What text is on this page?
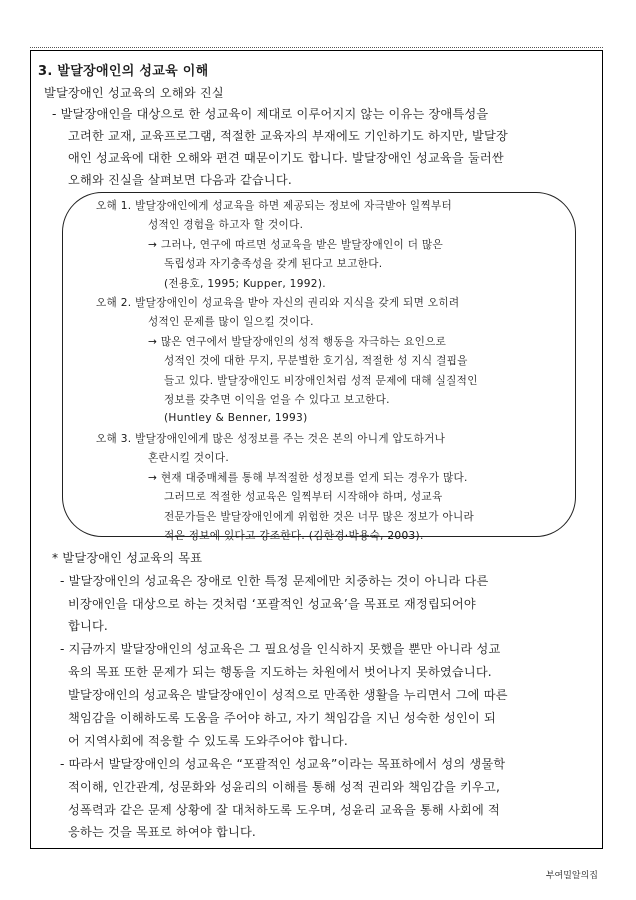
3. 발달장애인의 성교육 이해
발달장애인 성교육의 오해와 진실
- 발달장애인을 대상으로 한 성교육이 제대로 이루어지지 않는 이유는 장애특성을
고려한 교재, 교육프로그램, 적절한 교육자의 부재에도 기인하기도 하지만, 발달장
애인 성교육에 대한 오해와 편견 때문이기도 합니다. 발달장애인 성교육을 둘러싼
오해와 진실을 살펴보면 다음과 같습니다.
오해 1. 발달장애인에게 성교육을 하면 제공되는 정보에 자극받아 일찍부터
성적인 경험을 하고자 할 것이다.
→ 그러나, 연구에 따르면 성교육을 받은 발달장애인이 더 많은
독립성과 자기충족성을 갖게 된다고 보고한다.
(전용호, 1995; Kupper, 1992).
오해 2. 발달장애인이 성교육을 받아 자신의 권리와 지식을 갖게 되면 오히려
성적인 문제를 많이 일으킬 것이다.
→ 많은 연구에서 발달장애인의 성적 행동을 자극하는 요인으로
성적인 것에 대한 무지, 무분별한 호기심, 적절한 성 지식 결핍을
들고 있다. 발달장애인도 비장애인처럼 성적 문제에 대해 실질적인
정보를 갖추면 이익을 얻을 수 있다고 보고한다.
(Huntley & Benner, 1993)
오해 3. 발달장애인에게 많은 성정보를 주는 것은 본의 아니게 압도하거나
혼란시킬 것이다.
→ 현재 대중매체를 통해 부적절한 성정보를 얻게 되는 경우가 많다.
그러므로 적절한 성교육은 일찍부터 시작해야 하며, 성교육
전문가들은 발달장애인에게 위험한 것은 너무 많은 정보가 아니라
적은 정보에 있다고 강조한다. (김한경·박용숙, 2003).
* 발달장애인 성교육의 목표
- 발달장애인의 성교육은 장애로 인한 특정 문제에만 치중하는 것이 아니라 다른
비장애인을 대상으로 하는 것처럼 ‘포괄적인 성교육’을 목표로 재정립되어야
합니다.
- 지금까지 발달장애인의 성교육은 그 필요성을 인식하지 못했을 뿐만 아니라 성교
육의 목표 또한 문제가 되는 행동을 지도하는 차원에서 벗어나지 못하였습니다.
발달장애인의 성교육은 발달장애인이 성적으로 만족한 생활을 누리면서 그에 따른
책임감을 이해하도록 도움을 주어야 하고, 자기 책임감을 지닌 성숙한 성인이 되
어 지역사회에 적응할 수 있도록 도와주어야 합니다.
- 따라서 발달장애인의 성교육은 “포괄적인 성교육”이라는 목표하에서 성의 생물학
적이해, 인간관계, 성문화와 성윤리의 이해를 통해 성적 권리와 책임감을 키우고,
성폭력과 같은 문제 상황에 잘 대처하도록 도우며, 성윤리 교육을 통해 사회에 적
응하는 것을 목표로 하여야 합니다.
부여밀알의집
